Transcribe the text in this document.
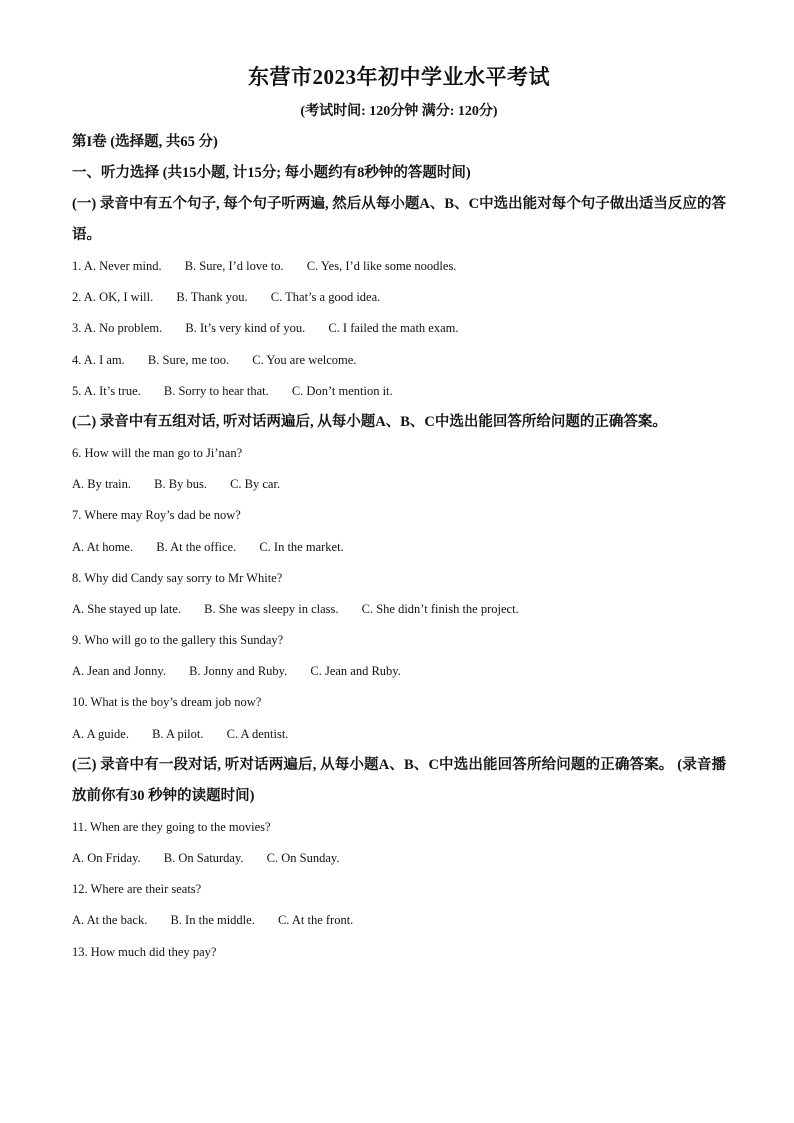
东营市2023年初中学业水平考试
(考试时间: 120分钟 满分: 120分)
第I卷 (选择题, 共65 分)
一、听力选择 (共15小题, 计15分; 每小题约有8秒钟的答题时间)
(一) 录音中有五个句子, 每个句子听两遍, 然后从每小题A、B、C中选出能对每个句子做出适当反应的答语。
1. A. Never mind. B. Sure, I’d love to. C. Yes, I’d like some noodles.
2. A. OK, I will. B. Thank you. C. That’s a good idea.
3. A. No problem. B. It’s very kind of you. C. I failed the math exam.
4. A. I am. B. Sure, me too. C. You are welcome.
5. A. It’s true. B. Sorry to hear that. C. Don’t mention it.
(二) 录音中有五组对话, 听对话两遍后, 从每小题A、B、C中选出能回答所给问题的正确答案。
6. How will the man go to Ji’nan?
A. By train. B. By bus. C. By car.
7. Where may Roy’s dad be now?
A. At home. B. At the office. C. In the market.
8. Why did Candy say sorry to Mr White?
A. She stayed up late. B. She was sleepy in class. C. She didn’t finish the project.
9. Who will go to the gallery this Sunday?
A. Jean and Jonny. B. Jonny and Ruby. C. Jean and Ruby.
10. What is the boy’s dream job now?
A. A guide. B. A pilot. C. A dentist.
(三) 录音中有一段对话, 听对话两遍后, 从每小题A、B、C中选出能回答所给问题的正确答案。 (录音播放前你有30 秒钟的读题时间)
11. When are they going to the movies?
A. On Friday. B. On Saturday. C. On Sunday.
12. Where are their seats?
A. At the back. B. In the middle. C. At the front.
13. How much did they pay?
